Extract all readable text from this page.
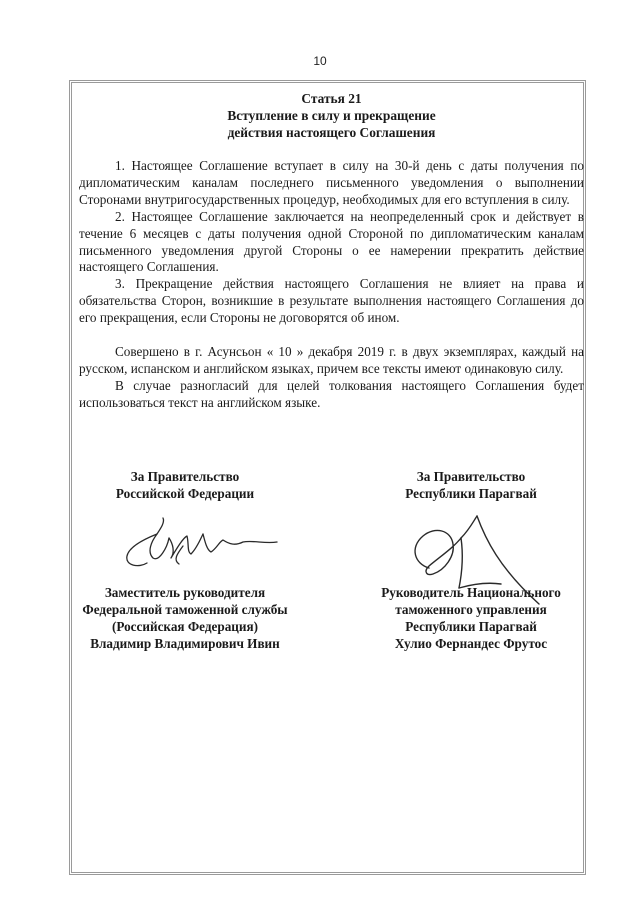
10
Статья 21
Вступление в силу и прекращение
действия настоящего Соглашения

1. Настоящее Соглашение вступает в силу на 30-й день с даты получения по дипломатическим каналам последнего письменного уведомления о выполнении Сторонами внутригосударственных процедур, необходимых для его вступления в силу.

2. Настоящее Соглашение заключается на неопределенный срок и действует в течение 6 месяцев с даты получения одной Стороной по дипломатическим каналам письменного уведомления другой Стороны о ее намерении прекратить действие настоящего Соглашения.

3. Прекращение действия настоящего Соглашения не влияет на права и обязательства Сторон, возникшие в результате выполнения настоящего Соглашения до его прекращения, если Стороны не договорятся об ином.

Совершено в г. Асунсьон « 10 » декабря 2019 г. в двух экземплярах, каждый на русском, испанском и английском языках, причем все тексты имеют одинаковую силу.

В случае разногласий для целей толкования настоящего Соглашения будет использоваться текст на английском языке.

За Правительство
Российской Федерации
Заместитель руководителя
Федеральной таможенной службы
(Российская Федерация)
Владимир Владимирович Ивин
За Правительство
Республики Парагвай
Руководитель Национального
таможенного управления
Республики Парагвай
Хулио Фернандес Фрутос
